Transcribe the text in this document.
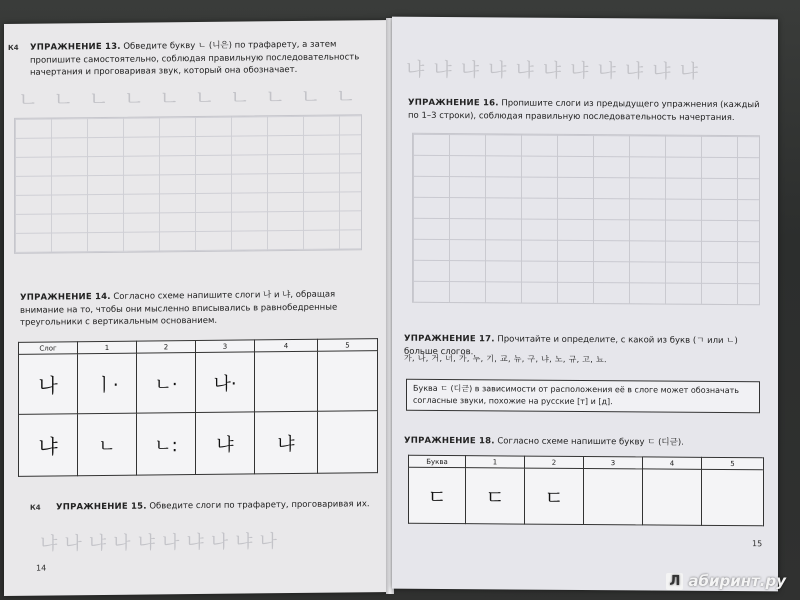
К4 УПРАЖНЕНИЕ 13. Обведите букву ㄴ (니은) по трафарету, а затем пропишите самостоятельно, соблюдая правильную последовательность начертания и проговаривая звук, который она обозначает.
ㄴ ㄴ ㄴ ㄴ ㄴ ㄴ ㄴ ㄴ ㄴ ㄴ
УПРАЖНЕНИЕ 14. Согласно схеме напишите слоги 나 и 냐, обращая внимание на то, чтобы они мысленно вписывались в равнобедренные треугольники с вертикальным основанием.
Слог	1	2	3	4	5
나	ㅣ·	ㄴ·	나·		
냐	ㄴ	ㄴ:	냐	냐	
К4 УПРАЖНЕНИЕ 15. Обведите слоги по трафарету, проговаривая их.
냐 나 냐 나 냐 나 냐 나 냐 나
14
냐 냐 냐 냐 냐 냐 냐 냐 냐 냐 냐
УПРАЖНЕНИЕ 16. Пропишите слоги из предыдущего упражнения (каждый по 1–3 строки), соблюдая правильную последовательность начертания.
УПРАЖНЕНИЕ 17. Прочитайте и определите, с какой из букв (ㄱ или ㄴ) больше слогов.
가, 나, 거, 너, 가, 누, 기, 교, 뉴, 구, 냐, 노, 규, 고, 뇨.
Буква ㄷ (디귿) в зависимости от расположения её в слоге может обозначать согласные звуки, похожие на русские [т] и [д].
УПРАЖНЕНИЕ 18. Согласно схеме напишите букву ㄷ (디귿).
Буква	1	2	3	4	5
ㄷ	ㄷ	ㄷ			
15
Л абиринт.ру
